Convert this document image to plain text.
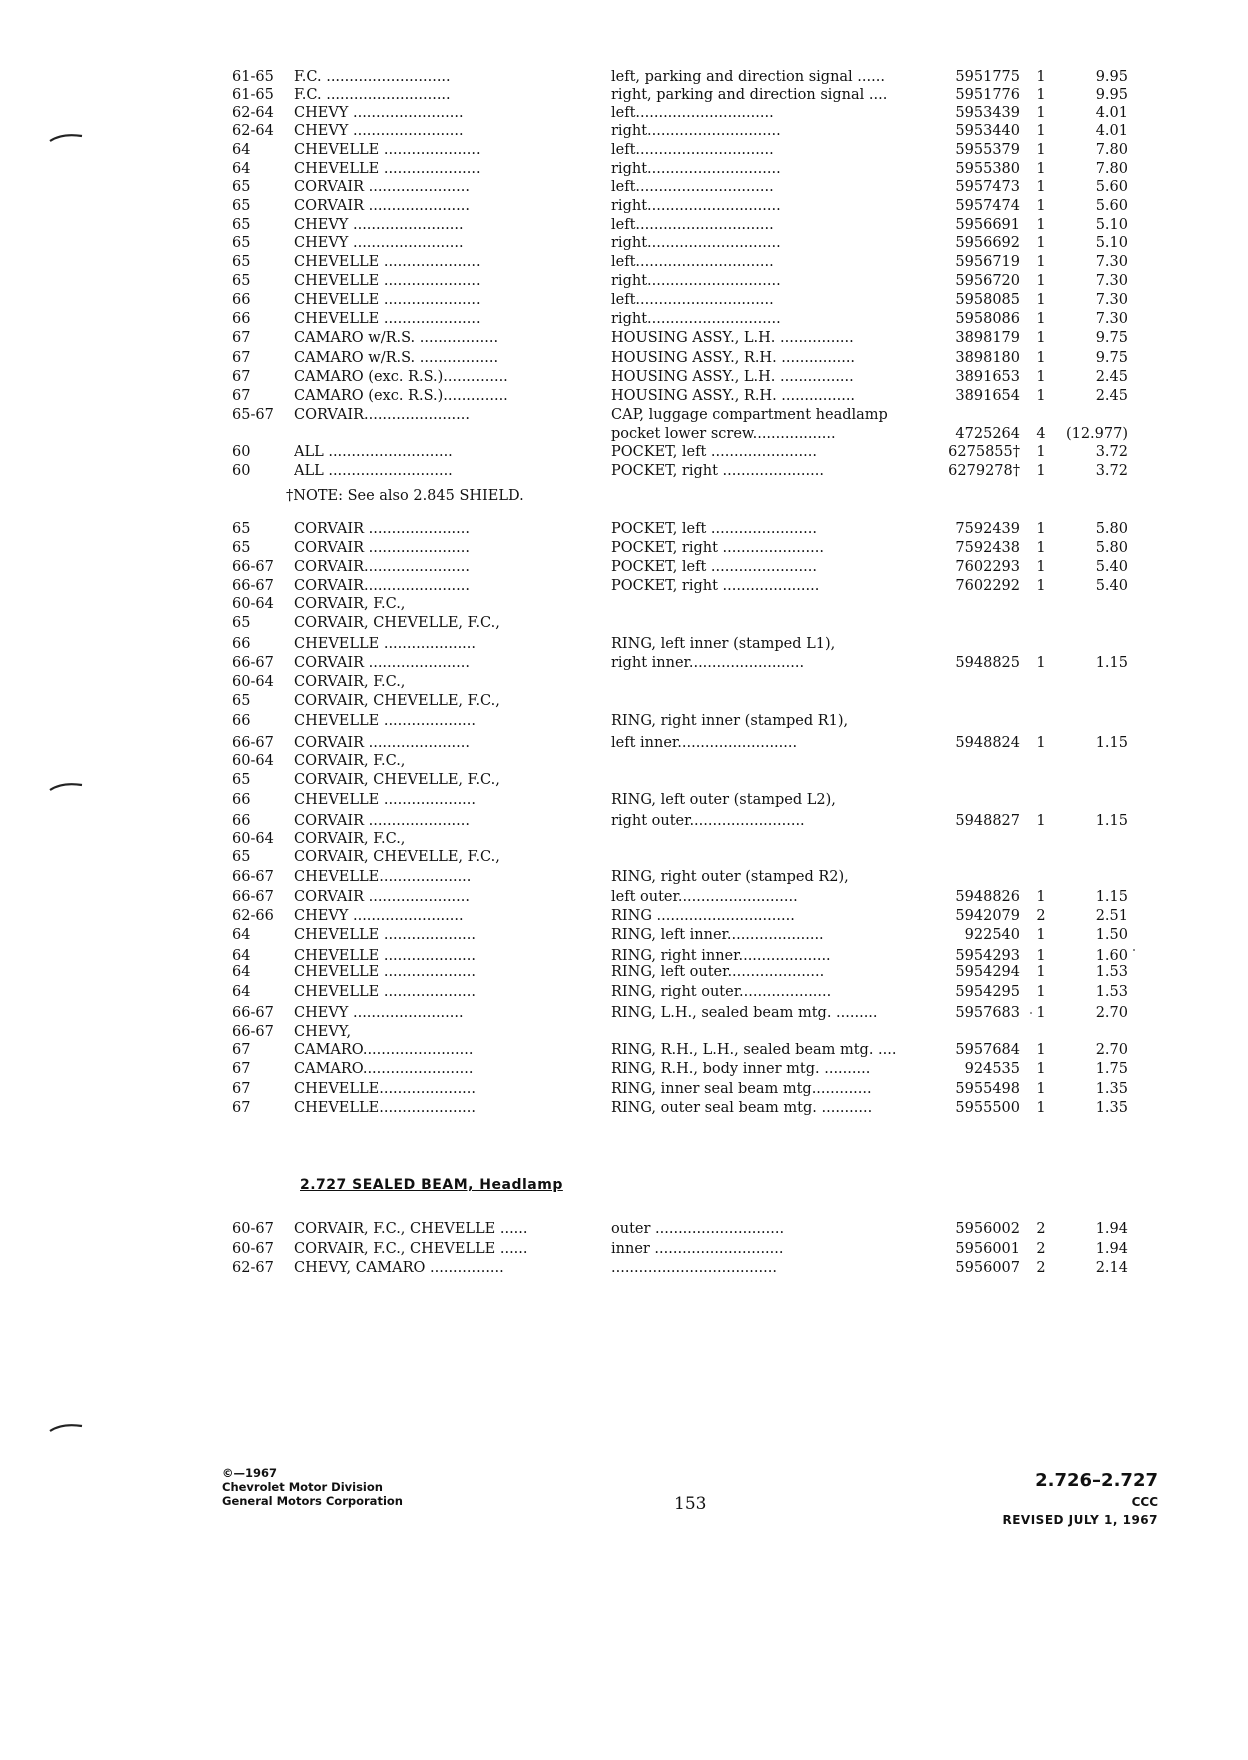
61-65	F.C. ...........................	left, parking and direction signal ......	5951775	1	9.95
61-65	F.C. ...........................	right, parking and direction signal ....	5951776	1	9.95
62-64	CHEVY ........................	left..............................	5953439	1	4.01
62-64	CHEVY ........................	right.............................	5953440	1	4.01
64	CHEVELLE .....................	left..............................	5955379	1	7.80
64	CHEVELLE .....................	right.............................	5955380	1	7.80
65	CORVAIR ......................	left..............................	5957473	1	5.60
65	CORVAIR ......................	right.............................	5957474	1	5.60
65	CHEVY ........................	left..............................	5956691	1	5.10
65	CHEVY ........................	right.............................	5956692	1	5.10
65	CHEVELLE .....................	left..............................	5956719	1	7.30
65	CHEVELLE .....................	right.............................	5956720	1	7.30
66	CHEVELLE .....................	left..............................	5958085	1	7.30
66	CHEVELLE .....................	right.............................	5958086	1	7.30
67	CAMARO w/R.S. .................	HOUSING ASSY., L.H. ................	3898179	1	9.75
67	CAMARO w/R.S. .................	HOUSING ASSY., R.H. ................	3898180	1	9.75
67	CAMARO (exc. R.S.)..............	HOUSING ASSY., L.H. ................	3891653	1	2.45
67	CAMARO (exc. R.S.)..............	HOUSING ASSY., R.H. ................	3891654	1	2.45
65-67	CORVAIR.......................	CAP, luggage compartment headlamp
pocket lower screw..................	4725264	4	(12.977)
60	ALL ...........................	POCKET, left .......................	6275855†	1	3.72
60	ALL ...........................	POCKET, right ......................	6279278†	1	3.72
65	CORVAIR ......................	POCKET, left .......................	7592439	1	5.80
65	CORVAIR ......................	POCKET, right ......................	7592438	1	5.80
66-67	CORVAIR.......................	POCKET, left .......................	7602293	1	5.40
66-67	CORVAIR.......................	POCKET, right .....................	7602292	1	5.40
60-64	CORVAIR, F.C.,
65	CORVAIR, CHEVELLE, F.C.,
66	CHEVELLE ....................	RING, left inner (stamped L1),
66-67	CORVAIR ......................	right inner.........................	5948825	1	1.15
60-64	CORVAIR, F.C.,
65	CORVAIR, CHEVELLE, F.C.,
66	CHEVELLE ....................	RING, right inner (stamped R1),
66-67	CORVAIR ......................	left inner..........................	5948824	1	1.15
60-64	CORVAIR, F.C.,
65	CORVAIR, CHEVELLE, F.C.,
66	CHEVELLE ....................	RING, left outer (stamped L2),
66	CORVAIR ......................	right outer.........................	5948827	1	1.15
60-64	CORVAIR, F.C.,
65	CORVAIR, CHEVELLE, F.C.,
66-67	CHEVELLE....................	RING, right outer (stamped R2),
66-67	CORVAIR ......................	left outer..........................	5948826	1	1.15
62-66	CHEVY ........................	RING ..............................	5942079	2	2.51
64	CHEVELLE ....................	RING, left inner.....................	922540	1	1.50
64	CHEVELLE ....................	RING, right inner....................	5954293	1	1.60
64	CHEVELLE ....................	RING, left outer.....................	5954294	1	1.53
64	CHEVELLE ....................	RING, right outer....................	5954295	1	1.53
66-67	CHEVY ........................	RING, L.H., sealed beam mtg. .........	5957683	1	2.70
66-67	CHEVY,
67	CAMARO........................	RING, R.H., L.H., sealed beam mtg. ....	5957684	1	2.70
67	CAMARO........................	RING, R.H., body inner mtg. ..........	924535	1	1.75
67	CHEVELLE.....................	RING, inner seal beam mtg.............	5955498	1	1.35
67	CHEVELLE.....................	RING, outer seal beam mtg. ...........	5955500	1	1.35
†NOTE: See also 2.845 SHIELD.
2.727 SEALED BEAM, Headlamp
60-67	CORVAIR, F.C., CHEVELLE ......	outer ............................	5956002	2	1.94
60-67	CORVAIR, F.C., CHEVELLE ......	inner ............................	5956001	2	1.94
62-67	CHEVY, CAMARO ................	....................................	5956007	2	2.14
©—1967
Chevrolet Motor Division
General Motors Corporation	153
2.726–2.727
CCC
REVISED JULY 1, 1967
